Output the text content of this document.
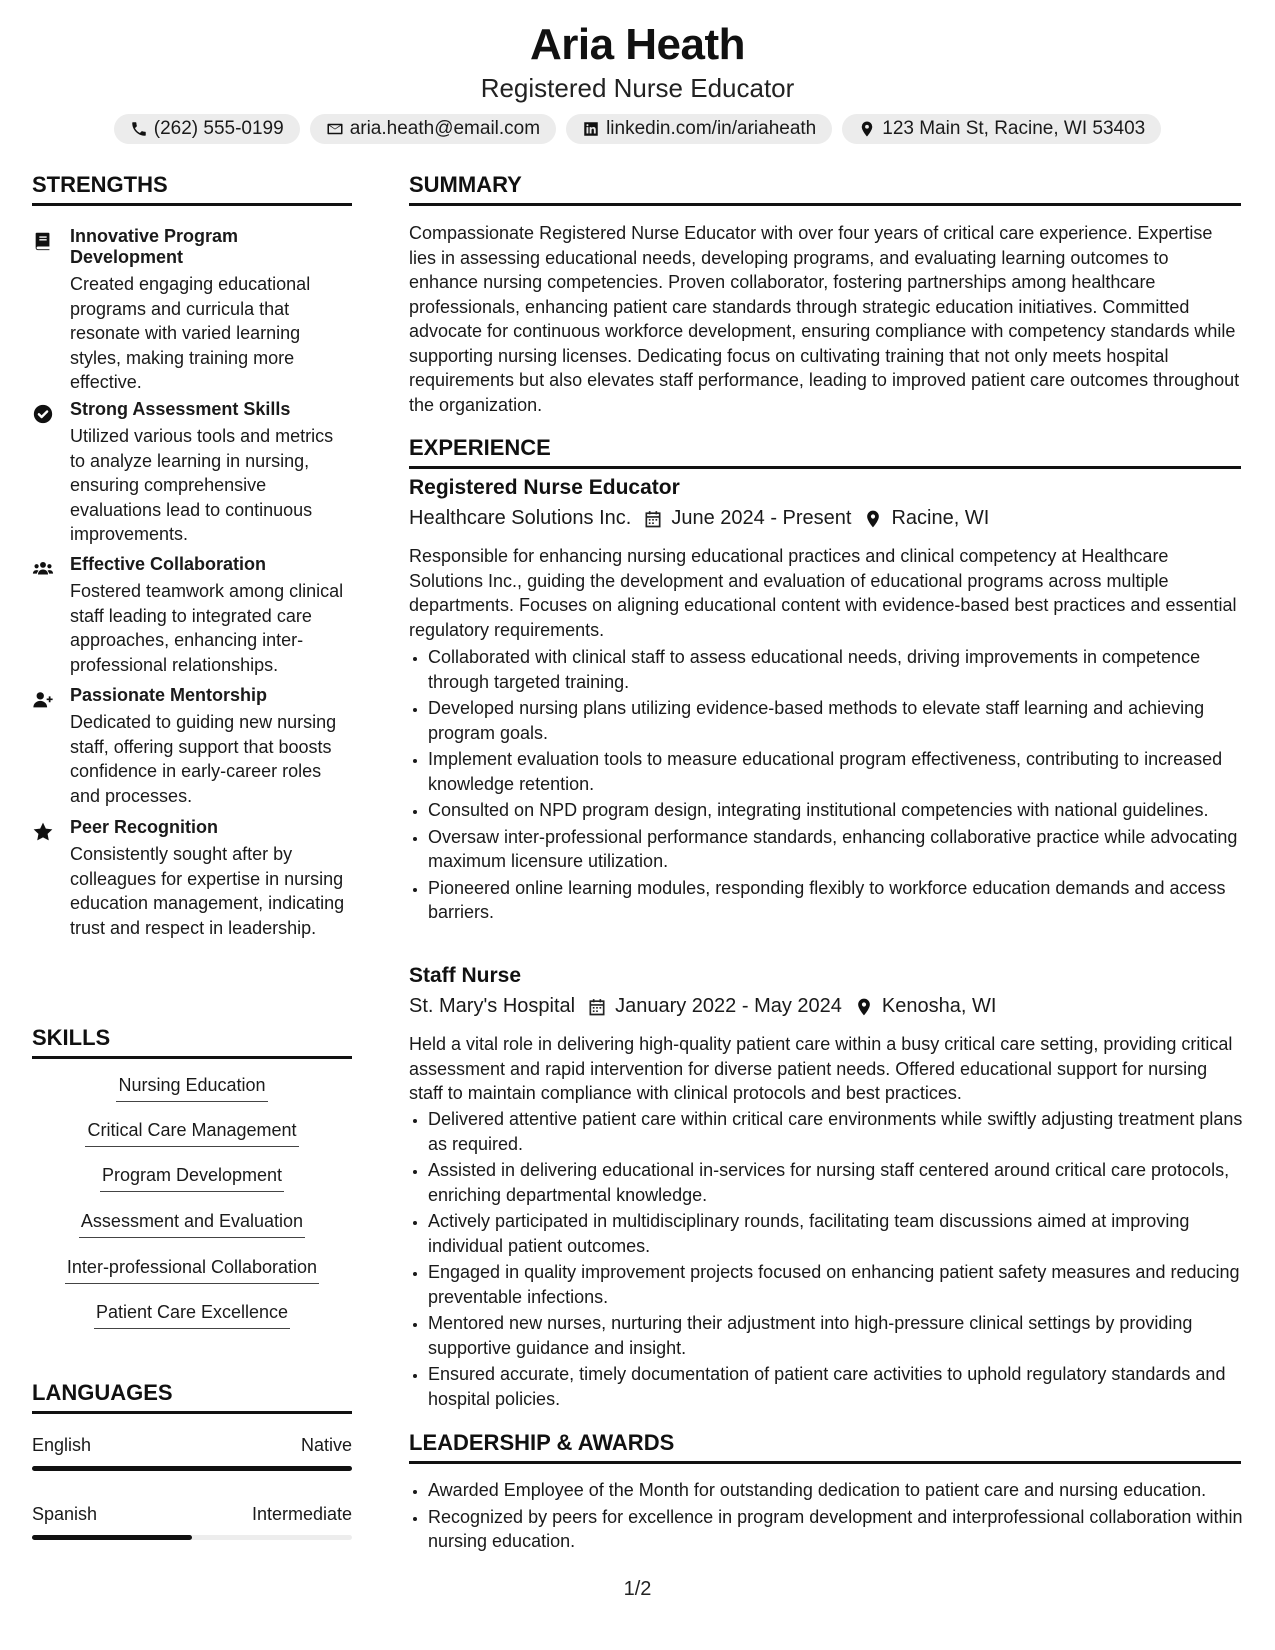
Aria Heath
Registered Nurse Educator
(262) 555-0199	aria.heath@email.com	linkedin.com/in/ariaheath	123 Main St, Racine, WI 53403
STRENGTHS
Innovative Program Development
Created engaging educational programs and curricula that resonate with varied learning styles, making training more effective.
Strong Assessment Skills
Utilized various tools and metrics to analyze learning in nursing, ensuring comprehensive evaluations lead to continuous improvements.
Effective Collaboration
Fostered teamwork among clinical staff leading to integrated care approaches, enhancing inter-professional relationships.
Passionate Mentorship
Dedicated to guiding new nursing staff, offering support that boosts confidence in early-career roles and processes.
Peer Recognition
Consistently sought after by colleagues for expertise in nursing education management, indicating trust and respect in leadership.
SKILLS
Nursing Education
Critical Care Management
Program Development
Assessment and Evaluation
Inter-professional Collaboration
Patient Care Excellence
LANGUAGES
English	Native
Spanish	Intermediate
SUMMARY
Compassionate Registered Nurse Educator with over four years of critical care experience. Expertise lies in assessing educational needs, developing programs, and evaluating learning outcomes to enhance nursing competencies. Proven collaborator, fostering partnerships among healthcare professionals, enhancing patient care standards through strategic education initiatives. Committed advocate for continuous workforce development, ensuring compliance with competency standards while supporting nursing licenses. Dedicating focus on cultivating training that not only meets hospital requirements but also elevates staff performance, leading to improved patient care outcomes throughout the organization.
EXPERIENCE
Registered Nurse Educator
Healthcare Solutions Inc. June 2024 - Present Racine, WI
Responsible for enhancing nursing educational practices and clinical competency at Healthcare Solutions Inc., guiding the development and evaluation of educational programs across multiple departments. Focuses on aligning educational content with evidence-based best practices and essential regulatory requirements.
• Collaborated with clinical staff to assess educational needs, driving improvements in competence through targeted training.
• Developed nursing plans utilizing evidence-based methods to elevate staff learning and achieving program goals.
• Implement evaluation tools to measure educational program effectiveness, contributing to increased knowledge retention.
• Consulted on NPD program design, integrating institutional competencies with national guidelines.
• Oversaw inter-professional performance standards, enhancing collaborative practice while advocating maximum licensure utilization.
• Pioneered online learning modules, responding flexibly to workforce education demands and access barriers.
Staff Nurse
St. Mary's Hospital January 2022 - May 2024 Kenosha, WI
Held a vital role in delivering high-quality patient care within a busy critical care setting, providing critical assessment and rapid intervention for diverse patient needs. Offered educational support for nursing staff to maintain compliance with clinical protocols and best practices.
• Delivered attentive patient care within critical care environments while swiftly adjusting treatment plans as required.
• Assisted in delivering educational in-services for nursing staff centered around critical care protocols, enriching departmental knowledge.
• Actively participated in multidisciplinary rounds, facilitating team discussions aimed at improving individual patient outcomes.
• Engaged in quality improvement projects focused on enhancing patient safety measures and reducing preventable infections.
• Mentored new nurses, nurturing their adjustment into high-pressure clinical settings by providing supportive guidance and insight.
• Ensured accurate, timely documentation of patient care activities to uphold regulatory standards and hospital policies.
LEADERSHIP & AWARDS
• Awarded Employee of the Month for outstanding dedication to patient care and nursing education.
• Recognized by peers for excellence in program development and interprofessional collaboration within nursing education.
1/2
